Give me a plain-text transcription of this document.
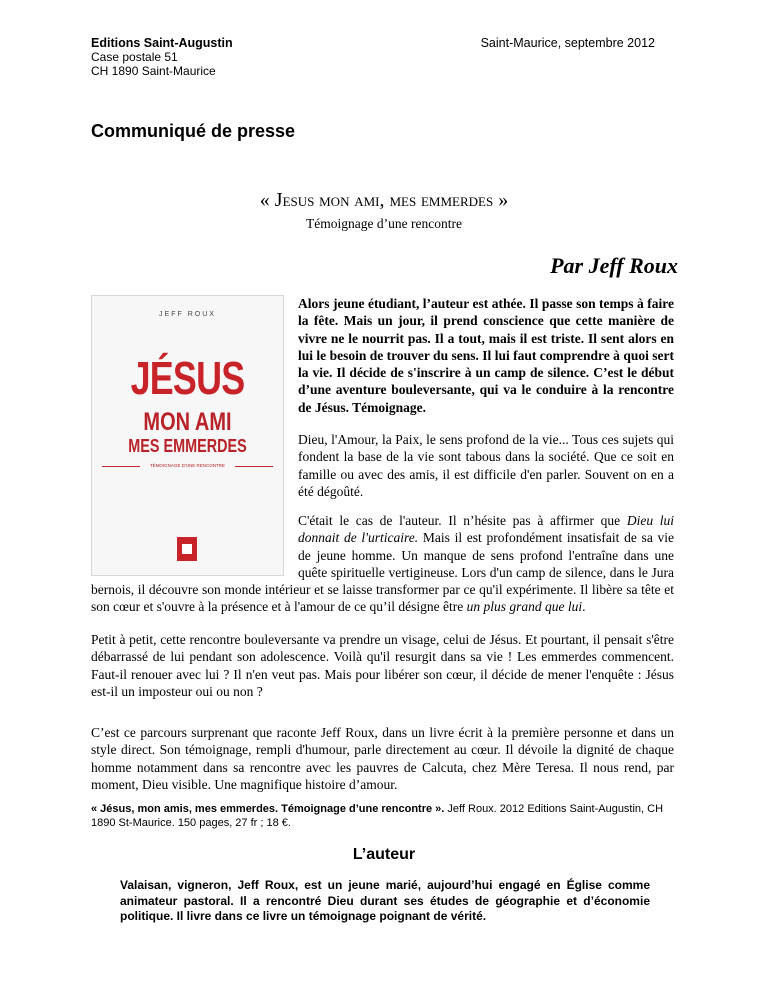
Editions Saint-Augustin
Case postale 51
CH 1890 Saint-Maurice
Saint-Maurice, septembre 2012
Communiqué de presse
« Jesus mon ami, mes emmerdes »
Témoignage d’une rencontre
Par Jeff Roux
JEFF ROUX
JÉSUS
MON AMI
MES EMMERDES
TÉMOIGNAGE D'UNE RENCONTRE

Alors jeune étudiant, l’auteur est athée. Il passe son temps à faire la fête. Mais un jour, il prend conscience que cette manière de vivre ne le nourrit pas. Il a tout, mais il est triste. Il sent alors en lui le besoin de trouver du sens. Il lui faut comprendre à quoi sert la vie. Il décide de s'inscrire à un camp de silence. C’est le début d’une aventure bouleversante, qui va le conduire à la rencontre de Jésus. Témoignage.

Dieu, l'Amour, la Paix, le sens profond de la vie... Tous ces sujets qui fondent la base de la vie sont tabous dans la société. Que ce soit en famille ou avec des amis, il est difficile d'en parler. Souvent on en a été dégoûté.

C'était le cas de l'auteur. Il n’hésite pas à affirmer que Dieu lui donnait de l'urticaire. Mais il est profondément insatisfait de sa vie de jeune homme. Un manque de sens profond l'entraîne dans une quête spirituelle vertigineuse. Lors d'un camp de silence, dans le Jura bernois, il découvre son monde intérieur et se laisse transformer par ce qu'il expérimente. Il libère sa tête et son cœur et s'ouvre à la présence et à l'amour de ce qu’il désigne être un plus grand que lui.

Petit à petit, cette rencontre bouleversante va prendre un visage, celui de Jésus. Et pourtant, il pensait s'être débarrassé de lui pendant son adolescence. Voilà qu'il resurgit dans sa vie ! Les emmerdes commencent. Faut-il renouer avec lui ? Il n'en veut pas. Mais pour libérer son cœur, il décide de mener l'enquête : Jésus est-il un imposteur oui ou non ?

C’est ce parcours surprenant que raconte Jeff Roux, dans un livre écrit à la première personne et dans un style direct. Son témoignage, rempli d'humour, parle directement au cœur. Il dévoile la dignité de chaque homme notamment dans sa rencontre avec les pauvres de Calcuta, chez Mère Teresa. Il nous rend, par moment, Dieu visible. Une magnifique histoire d’amour.

« Jésus, mon amis, mes emmerdes. Témoignage d’une rencontre ». Jeff Roux. 2012 Editions Saint-Augustin, CH 1890 St-Maurice. 150 pages, 27 fr ; 18 €.

L’auteur

Valaisan, vigneron, Jeff Roux, est un jeune marié, aujourd’hui engagé en Église comme animateur pastoral. Il a rencontré Dieu durant ses études de géographie et d’économie politique. Il livre dans ce livre un témoignage poignant de vérité.
